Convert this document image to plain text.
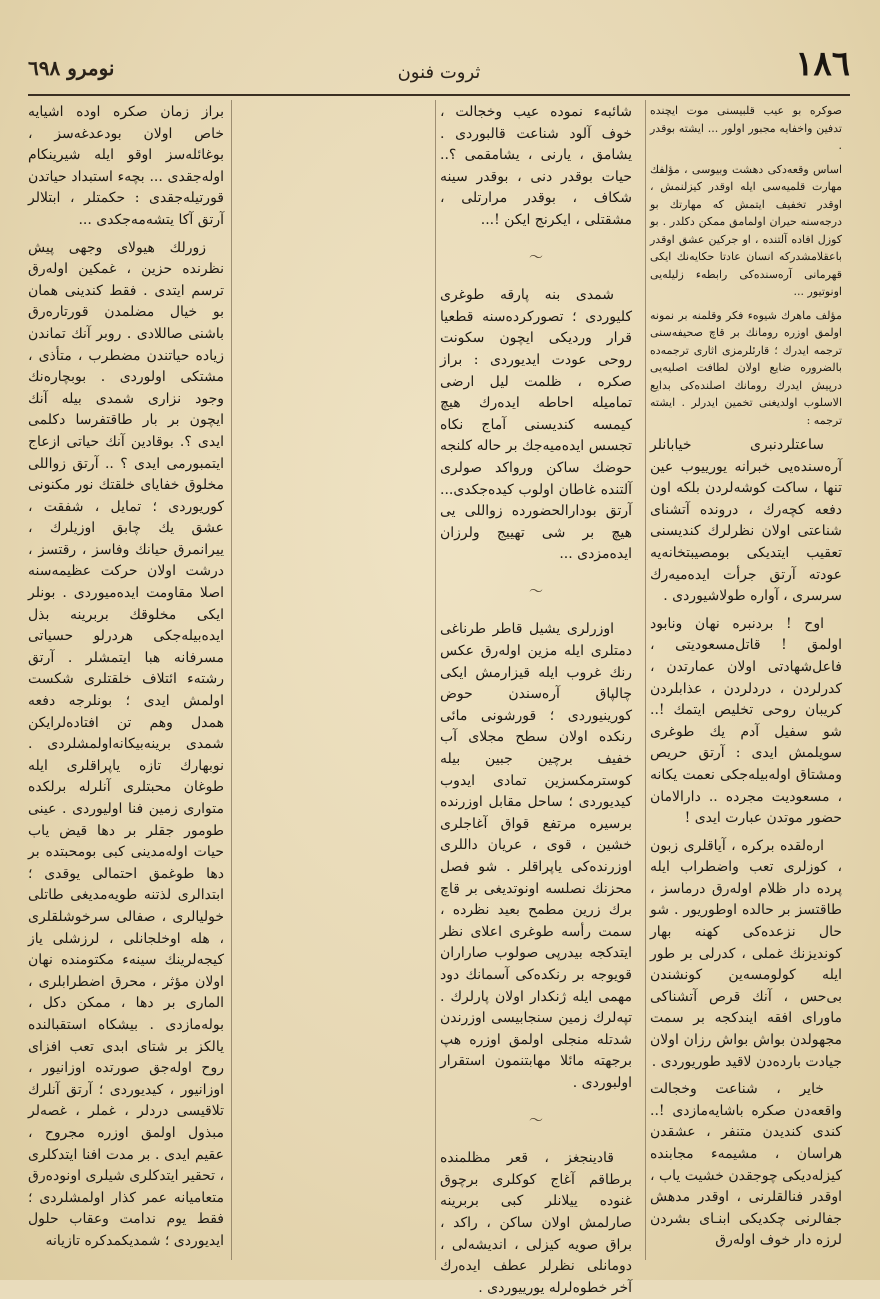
١٨٦
ثروت فنون
نومرو ٦٩٨

صوكره بو عيب قلبيسنى موت ايچنده تدفين واخفايه مجبور اولور ... ايشته بوقدر .

اساس وقعه‌دكى دهشت وبيوسى ، مؤلفك مهارت قلميه‌سى ايله اوقدر كيزلنمش ، اوقدر تخفيف ايتمش كه مهارتك بو درجه‌سنه حيران اولمامق ممكن دكلدر . بو كوزل افاده آلتنده ، او جركين عشق اوقدر باعقلامشدركه انسان عادتا حكايه‌نك ايكى قهرمانى آره‌سنده‌كى رابطه‌ء زليله‌يى اونوتيور ...

مؤلف ماهرك شيوه‌ء فكر وقلمنه بر نمونه اولمق اوزره رومانك بر قاچ صحيفه‌سنى ترجمه ايدرك ؛ قارئلرمزى اثارى ترجمه‌ده بالضروره ضايع اولان لطافت اصليه‌يى درپيش ايدرك رومانك اصلنده‌كى بدايع الاسلوب اولديغنى تخمين ايدرلر . ايشته ترجمه :

ساعتلردنبرى خيابانلر آره‌سنده‌يى خبرانه يورييوب عين تنها ، ساكت كوشه‌لردن بلكه اون دفعه كچه‌رك ، درونده آتشناى شناعتى اولان نظرلرك كنديسنى تعقيب ايتديكى بومصيبتخانه‌يه عودته آرتق جرأت ايده‌ميه‌رك سرسرى ، آواره طولاشيوردى .

اوح ! بردنبره نهان ونابود اولمق ! قاتل‌مسعوديتى ، فاعل‌شهادتى اولان عمارتدن ، كدرلردن ، دردلردن ، عذابلردن كريبان روحى تخليص ايتمك !.. شو سفيل آدم يك طوغرى سويلمش ايدى : آرتق حريص ومشتاق اوله‌بيله‌جكى نعمت يكانه ، مسعوديت مجرده .. دارالامان حضور موتدن عبارت ايدى !

اره‌لقده بركره ، آياقلرى زبون ، كوزلرى تعب واضطراب ايله پرده دار ظلام اوله‌رق درماسز ، طاقتسز بر حالده اوطوريور . شو حال نزعده‌كى كهنه بهار كونديزنك غملى ، كدرلى بر طور ايله كولومسه‌ين كونشندن بى‌حس ، آنك قرص آتشناكى ماوراى افقه ايندكجه بر سمت مجهولدن بواش بواش رزان اولان جيادت بارده‌دن لاقيد طوريوردى .

خاير ، شناعت وخجالت واقعه‌دن صكره باشايه‌مازدى !.. كندى كنديدن متنفر ، عشقدن هراسان ، مشيمه‌ء مجابنده كيزله‌ديكى چوجقدن خشيت ياب ، اوقدر فنالقلرنى ، اوقدر مدهش جفالرنى چكديكى ابنـاى بشردن لرزه دار خوف اوله‌رق

شائبه‌ء نموده عيب وخجالت ، خوف آلود شناعت قالبوردى . يشامق ، يارنى ، يشامقمى ؟.. حيات بوقدر دنى ، بوقدر سينه شكاف ، بوقدر مرارتلى ، مشقتلى ، ايكرنج ايكن !...

〜

شمدى بنه پارقه طوغرى كليوردى ؛ تصوركرده‌سنه قطعيا قرار ورديكى ايچون سكونت روحى عودت ايديوردى : براز صكره ، ظلمت ليل ارضى تماميله احاطه ايده‌رك هيچ كيمسه كنديسنى آماج نكاه تجسس ايده‌ميه‌جك بر حاله كلنجه حوضك ساكن ورواكد صولرى آلتنده غاطان اولوب كيده‌جكدى... آرتق بودارالحضورده زواللى يى هيچ بر شى تهييج ولرزان ايده‌مزدى ...

〜

اوزرلرى يشيل قاطر طرناغى دمتلرى ايله مزين اوله‌رق عكس رنك غروب ايله قيزارمش ايكى چالپاق آره‌سندن حوض كورينيوردى ؛ قورشونى مائى رنكده اولان سطح مجلاى آب خفيف برچين جبين بيله كوسترمكسزين تمادى ايدوب كيديوردى ؛ ساحل مقابل اوزرنده برسيره مرتفع قواق آغاجلرى خشين ، قوى ، عريان داللرى اوزرنده‌كى ياپراقلر . شو فصل محزنك نصلسه اونوتديغى بر قاچ برك زرين مطمح بعيد نظرده ، سمت رأسه طوغرى اعلاى نظر ايتدكجه بيدرپى صولوب صاراران قويوجه بر رنكده‌كى آسمانك دود مهمى ايله ژنكدار اولان پارلرك . تپه‌لرك زمين سنجابيسى اوزرندن شدتله منجلى اولمق اوزره هپ برجهته مائلا مهابتنمون استقرار اولبوردى .

〜

قادينجغز ، قعر مظلمنده برطاقم آغاج كوكلرى برچوق غنوده ييلانلر كبى بربرينه صارلمش اولان ساكن ، راكد ، براق صويه كيزلى ، انديشه‌لى ، دومانلى نظرلر عطف ايده‌رك آخر خطوه‌لرله يورييوردى .

براز زمان صكره اوده اشيايه خاص اولان بودعدغه‌سز ، بوغائله‌سز اوقو ايله شيرينكام اوله‌جقدى ... بچه‌ء استبداد حياتدن قورتيله‌جقدى : حكمتلر ، ابتلالر آرتق آكا يتشه‌مه‌جكدى ...

زورلك هيولاى وجهى پيش نظرنده حزين ، غمكين اوله‌رق ترسم ايتدى . فقط كندينى همان بو خيال مضلمدن قورتاره‌رق باشنى صاللادى . روبر آنك تماندن زياده حياتندن مضطرب ، متأذى ، مشتكى اولوردى . بوبچاره‌نك وجود نزارى شمدى بيله آنك ايچون بر بار طاقتفرسا دكلمى ايدى ؟. بوقادين آنك حياتى ازعاج ايتمبورمى ايدى ؟ .. آرتق زواللى مخلوق خفاياى خلقتك نور مكنونى كوريوردى ؛ تمايل ، شفقت ، عشق يك چابق اوزيلرك ، ييرانمرق حيانك وفاسز ، رقتسز ، درشت اولان حركت عظيمه‌سنه اصلا مقاومت ايده‌ميوردى . بونلر ايكى مخلوقك بربرينه بذل ايده‌بيله‌جكى هردرلو حسياتى مسرفانه هبا ايتمشلر . آرتق رشته‌ء ائتلاف خلقتلرى شكست اولمش ايدى ؛ بونلرجه دفعه همدل وهم تن افتاده‌لرايكن شمدى برينه‌بيكانه‌اولمشلردى . نوبهارك تازه ياپراقلرى ايله طوغان محبتلرى آنلرله برلكده متوارى زمين فنا اوليوردى . عينى طومور جقلر بر دها قيض ياب حيات اوله‌مدينى كبى بومحبتده بر دها طوغمق احتمالى يوقدى ؛ ابتدالرى لذتنه طويه‌مديغى طاتلى خوليالرى ، صفالى سرخوشلقلرى ، هله اوخلجانلى ، لرزشلى ياز كيجه‌لرينك سينه‌ء مكتومنده نهان اولان مؤثر ، محرق اضطرابلرى ، المارى بر دها ، ممكن دكل ، بوله‌مازدى . بيشكاه استقبالنده يالكز بر شتاى ابدى تعب افزاى روح اوله‌جق صورتده اوزانيور ، اوزانيور ، كيديوردى ؛ آرتق آنلرك تلاقيسى دردلر ، غملر ، غصه‌لر مبذول اولمق اوزره مجروح ، عقيم ايدى . بر مدت افنا ايتدكلرى ، تحقير ايتدكلرى شيلرى اونوده‌رق متعاميانه عمر كذار اولمشلردى ؛ فقط يوم ندامت وعقاب حلول ايديوردى ؛ شمديكمدكره تازيانه
